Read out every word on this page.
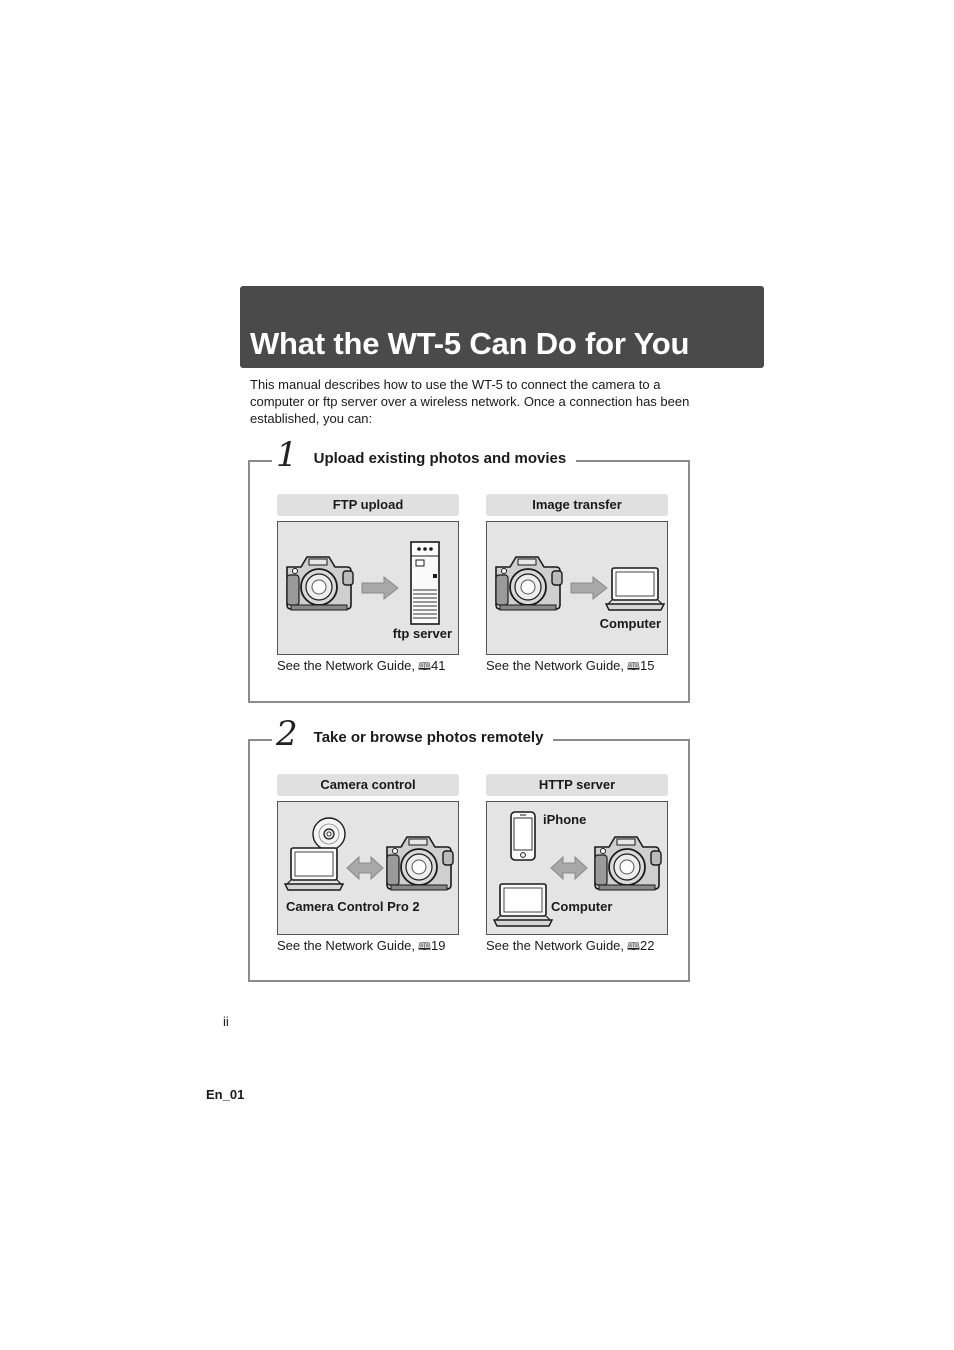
What the WT-5 Can Do for You

This manual describes how to use the WT-5 to connect the camera to a computer or ftp server over a wireless network. Once a connection has been established, you can:

1 Upload existing photos and movies
FTP upload
ftp server
See the Network Guide, 🕮41
Image transfer
Computer
See the Network Guide, 🕮15
2 Take or browse photos remotely
Camera control
Camera Control Pro 2
See the Network Guide, 🕮19
HTTP server
iPhone
Computer
See the Network Guide, 🕮22
ii
En_01
